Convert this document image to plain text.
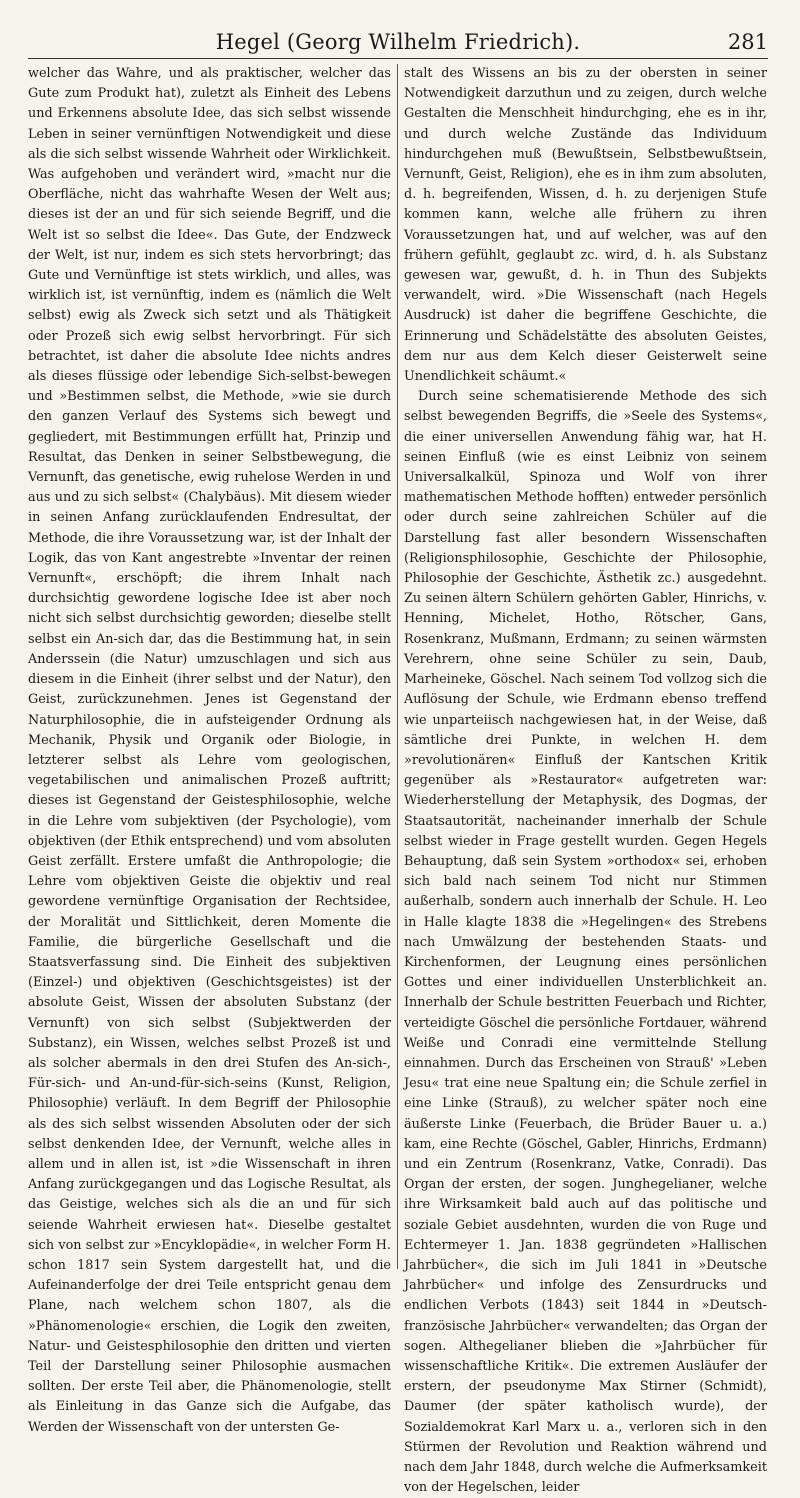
Hegel (Georg Wilhelm Friedrich).	281

welcher das Wahre, und als praktischer, welcher das Gute zum Produkt hat), zuletzt als Einheit des Lebens und Erkennens absolute Idee, das sich selbst wissende Leben in seiner vernünftigen Notwendigkeit und diese als die sich selbst wissende Wahrheit oder Wirklichkeit. Was aufgehoben und verändert wird, »macht nur die Oberfläche, nicht das wahrhafte Wesen der Welt aus; dieses ist der an und für sich seiende Begriff, und die Welt ist so selbst die Idee«. Das Gute, der Endzweck der Welt, ist nur, indem es sich stets hervorbringt; das Gute und Vernünftige ist stets wirklich, und alles, was wirklich ist, ist vernünftig, indem es (nämlich die Welt selbst) ewig als Zweck sich setzt und als Thätigkeit oder Prozeß sich ewig selbst hervorbringt. Für sich betrachtet, ist daher die absolute Idee nichts andres als dieses flüssige oder lebendige Sich-selbst-bewegen und »Bestimmen selbst, die Methode, »wie sie durch den ganzen Verlauf des Systems sich bewegt und gegliedert, mit Bestimmungen erfüllt hat, Prinzip und Resultat, das Denken in seiner Selbstbewegung, die Vernunft, das genetische, ewig ruhelose Werden in und aus und zu sich selbst« (Chalybäus). Mit diesem wieder in seinen Anfang zurücklaufenden Endresultat, der Methode, die ihre Voraussetzung war, ist der Inhalt der Logik, das von Kant angestrebte »Inventar der reinen Vernunft«, erschöpft; die ihrem Inhalt nach durchsichtig gewordene logische Idee ist aber noch nicht sich selbst durchsichtig geworden; dieselbe stellt selbst ein An-sich dar, das die Bestimmung hat, in sein Anderssein (die Natur) umzuschlagen und sich aus diesem in die Einheit (ihrer selbst und der Natur), den Geist, zurückzunehmen. Jenes ist Gegenstand der Naturphilosophie, die in aufsteigender Ordnung als Mechanik, Physik und Organik oder Biologie, in letzterer selbst als Lehre vom geologischen, vegetabilischen und animalischen Prozeß auftritt; dieses ist Gegenstand der Geistesphilosophie, welche in die Lehre vom subjektiven (der Psychologie), vom objektiven (der Ethik entsprechend) und vom absoluten Geist zerfällt. Erstere umfaßt die Anthropologie; die Lehre vom objektiven Geiste die objektiv und real gewordene vernünftige Organisation der Rechtsidee, der Moralität und Sittlichkeit, deren Momente die Familie, die bürgerliche Gesellschaft und die Staatsverfassung sind. Die Einheit des subjektiven (Einzel-) und objektiven (Geschichtsgeistes) ist der absolute Geist, Wissen der absoluten Substanz (der Vernunft) von sich selbst (Subjektwerden der Substanz), ein Wissen, welches selbst Prozeß ist und als solcher abermals in den drei Stufen des An-sich-, Für-sich- und An-und-für-sich-seins (Kunst, Religion, Philosophie) verläuft. In dem Begriff der Philosophie als des sich selbst wissenden Absoluten oder der sich selbst denkenden Idee, der Vernunft, welche alles in allem und in allen ist, ist »die Wissenschaft in ihren Anfang zurückgegangen und das Logische Resultat, als das Geistige, welches sich als die an und für sich seiende Wahrheit erwiesen hat«. Dieselbe gestaltet sich von selbst zur »Encyklopädie«, in welcher Form H. schon 1817 sein System dargestellt hat, und die Aufeinanderfolge der drei Teile entspricht genau dem Plane, nach welchem schon 1807, als die »Phänomenologie« erschien, die Logik den zweiten, Natur- und Geistesphilosophie den dritten und vierten Teil der Darstellung seiner Philosophie ausmachen sollten. Der erste Teil aber, die Phänomenologie, stellt als Einleitung in das Ganze sich die Aufgabe, das Werden der Wissenschaft von der untersten Ge-

stalt des Wissens an bis zu der obersten in seiner Notwendigkeit darzuthun und zu zeigen, durch welche Gestalten die Menschheit hindurchging, ehe es in ihr, und durch welche Zustände das Individuum hindurchgehen muß (Bewußtsein, Selbstbewußtsein, Vernunft, Geist, Religion), ehe es in ihm zum absoluten, d. h. begreifenden, Wissen, d. h. zu derjenigen Stufe kommen kann, welche alle frühern zu ihren Voraussetzungen hat, und auf welcher, was auf den frühern gefühlt, geglaubt zc. wird, d. h. als Substanz gewesen war, gewußt, d. h. in Thun des Subjekts verwandelt, wird. »Die Wissenschaft (nach Hegels Ausdruck) ist daher die begriffene Geschichte, die Erinnerung und Schädelstätte des absoluten Geistes, dem nur aus dem Kelch dieser Geisterwelt seine Unendlichkeit schäumt.«

Durch seine schematisierende Methode des sich selbst bewegenden Begriffs, die »Seele des Systems«, die einer universellen Anwendung fähig war, hat H. seinen Einfluß (wie es einst Leibniz von seinem Universalkalkül, Spinoza und Wolf von ihrer mathematischen Methode hofften) entweder persönlich oder durch seine zahlreichen Schüler auf die Darstellung fast aller besondern Wissenschaften (Religionsphilosophie, Geschichte der Philosophie, Philosophie der Geschichte, Ästhetik zc.) ausgedehnt. Zu seinen ältern Schülern gehörten Gabler, Hinrichs, v. Henning, Michelet, Hotho, Rötscher, Gans, Rosenkranz, Mußmann, Erdmann; zu seinen wärmsten Verehrern, ohne seine Schüler zu sein, Daub, Marheineke, Göschel. Nach seinem Tod vollzog sich die Auflösung der Schule, wie Erdmann ebenso treffend wie unparteiisch nachgewiesen hat, in der Weise, daß sämtliche drei Punkte, in welchen H. dem »revolutionären« Einfluß der Kantschen Kritik gegenüber als »Restaurator« aufgetreten war: Wiederherstellung der Metaphysik, des Dogmas, der Staatsautorität, nacheinander innerhalb der Schule selbst wieder in Frage gestellt wurden. Gegen Hegels Behauptung, daß sein System »orthodox« sei, erhoben sich bald nach seinem Tod nicht nur Stimmen außerhalb, sondern auch innerhalb der Schule. H. Leo in Halle klagte 1838 die »Hegelingen« des Strebens nach Umwälzung der bestehenden Staats- und Kirchenformen, der Leugnung eines persönlichen Gottes und einer individuellen Unsterblichkeit an. Innerhalb der Schule bestritten Feuerbach und Richter, verteidigte Göschel die persönliche Fortdauer, während Weiße und Conradi eine vermittelnde Stellung einnahmen. Durch das Erscheinen von Strauß' »Leben Jesu« trat eine neue Spaltung ein; die Schule zerfiel in eine Linke (Strauß), zu welcher später noch eine äußerste Linke (Feuerbach, die Brüder Bauer u. a.) kam, eine Rechte (Göschel, Gabler, Hinrichs, Erdmann) und ein Zentrum (Rosenkranz, Vatke, Conradi). Das Organ der ersten, der sogen. Junghegelianer, welche ihre Wirksamkeit bald auch auf das politische und soziale Gebiet ausdehnten, wurden die von Ruge und Echtermeyer 1. Jan. 1838 gegründeten »Hallischen Jahrbücher«, die sich im Juli 1841 in »Deutsche Jahrbücher« und infolge des Zensurdrucks und endlichen Verbots (1843) seit 1844 in »Deutsch-französische Jahrbücher« verwandelten; das Organ der sogen. Althegelianer blieben die »Jahrbücher für wissenschaftliche Kritik«. Die extremen Ausläufer der erstern, der pseudonyme Max Stirner (Schmidt), Daumer (der später katholisch wurde), der Sozialdemokrat Karl Marx u. a., verloren sich in den Stürmen der Revolution und Reaktion während und nach dem Jahr 1848, durch welche die Aufmerksamkeit von der Hegelschen, leider
